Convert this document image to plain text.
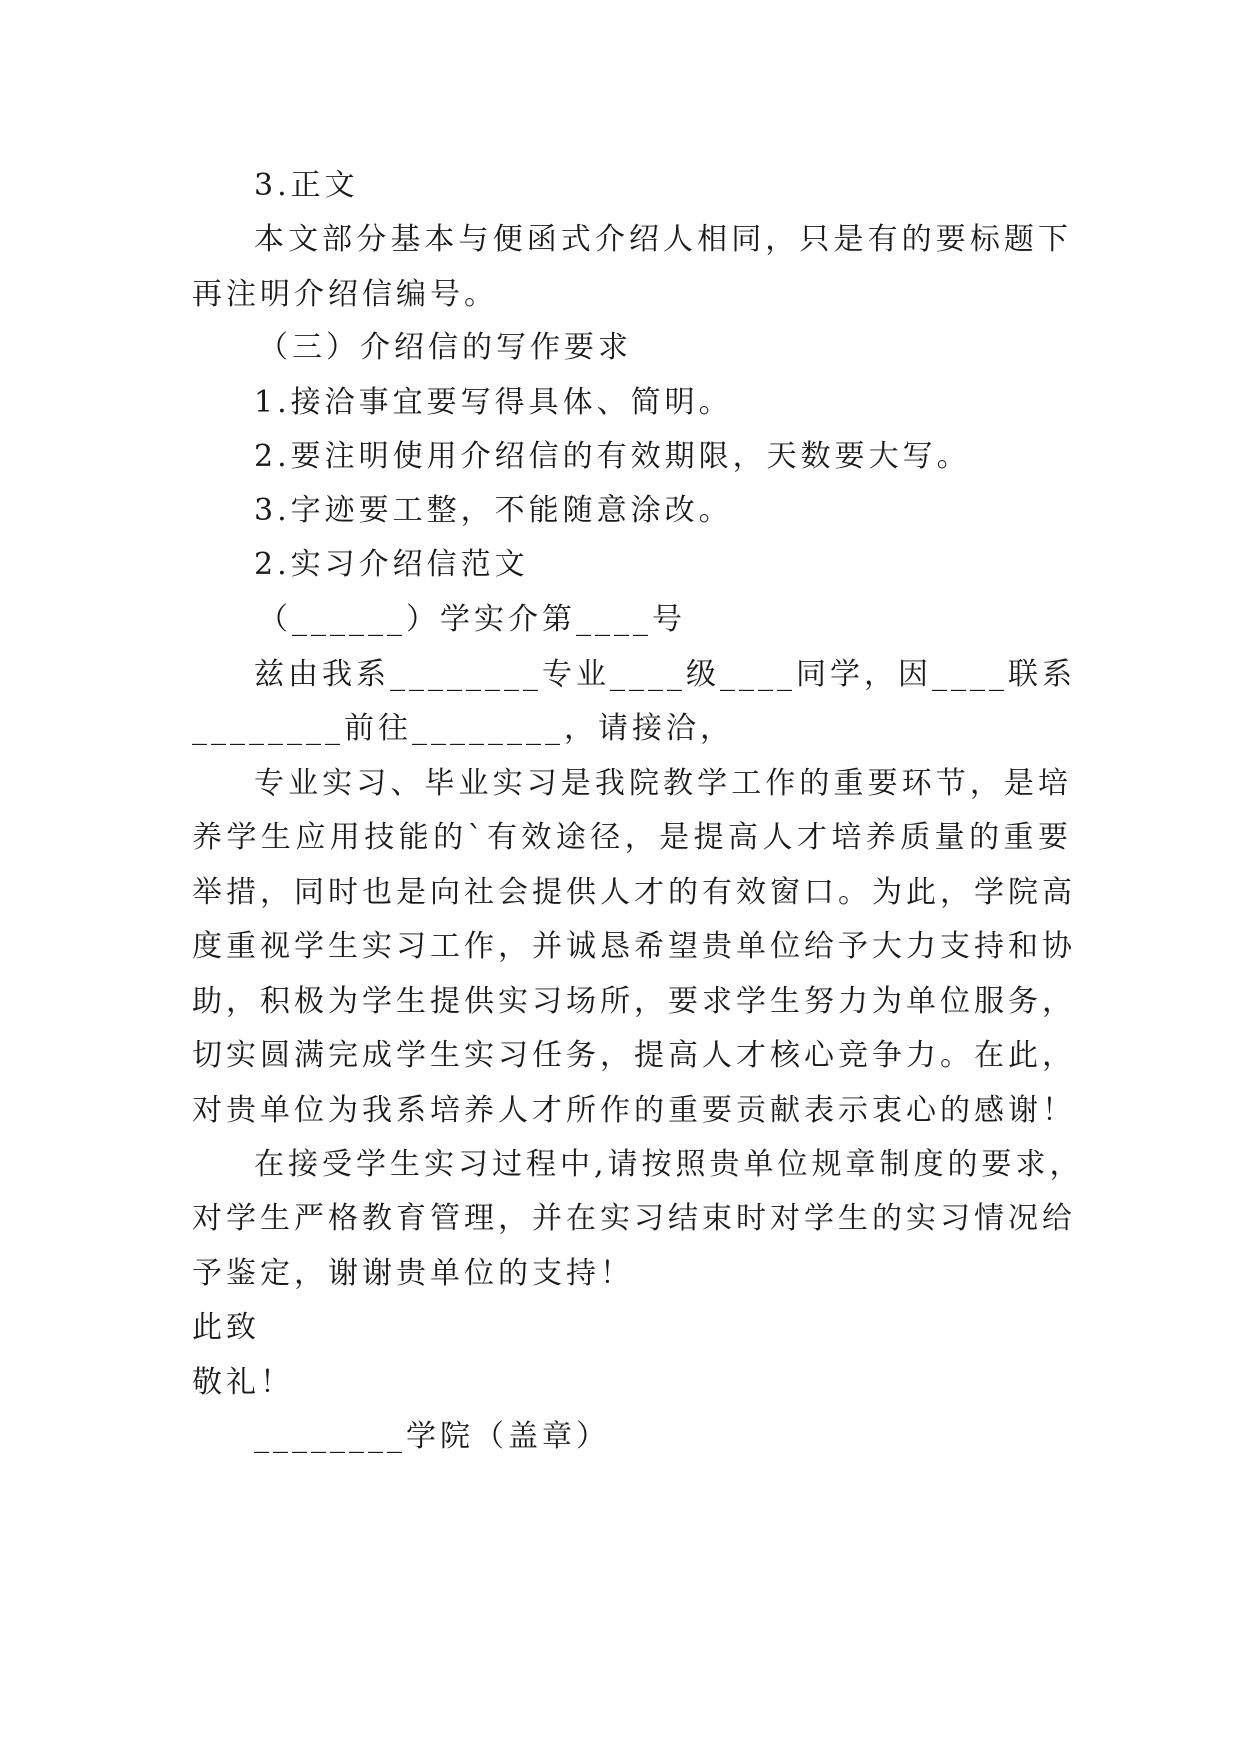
3.正文
本文部分基本与便函式介绍人相同，只是有的要标题下
再注明介绍信编号。
（三）介绍信的写作要求
1.接洽事宜要写得具体、简明。
2.要注明使用介绍信的有效期限，天数要大写。
3.字迹要工整，不能随意涂改。
2.实习介绍信范文
（______）学实介第____号
兹由我系________专业____级____同学，因____联系
________前往________，请接洽，
专业实习、毕业实习是我院教学工作的重要环节，是培
养学生应用技能的`有效途径，是提高人才培养质量的重要
举措，同时也是向社会提供人才的有效窗口。为此，学院高
度重视学生实习工作，并诚恳希望贵单位给予大力支持和协
助，积极为学生提供实习场所，要求学生努力为单位服务，
切实圆满完成学生实习任务，提高人才核心竞争力。在此，
对贵单位为我系培养人才所作的重要贡献表示衷心的感谢！
在接受学生实习过程中,请按照贵单位规章制度的要求，
对学生严格教育管理，并在实习结束时对学生的实习情况给
予鉴定，谢谢贵单位的支持！
此致
敬礼！
________学院（盖章）
